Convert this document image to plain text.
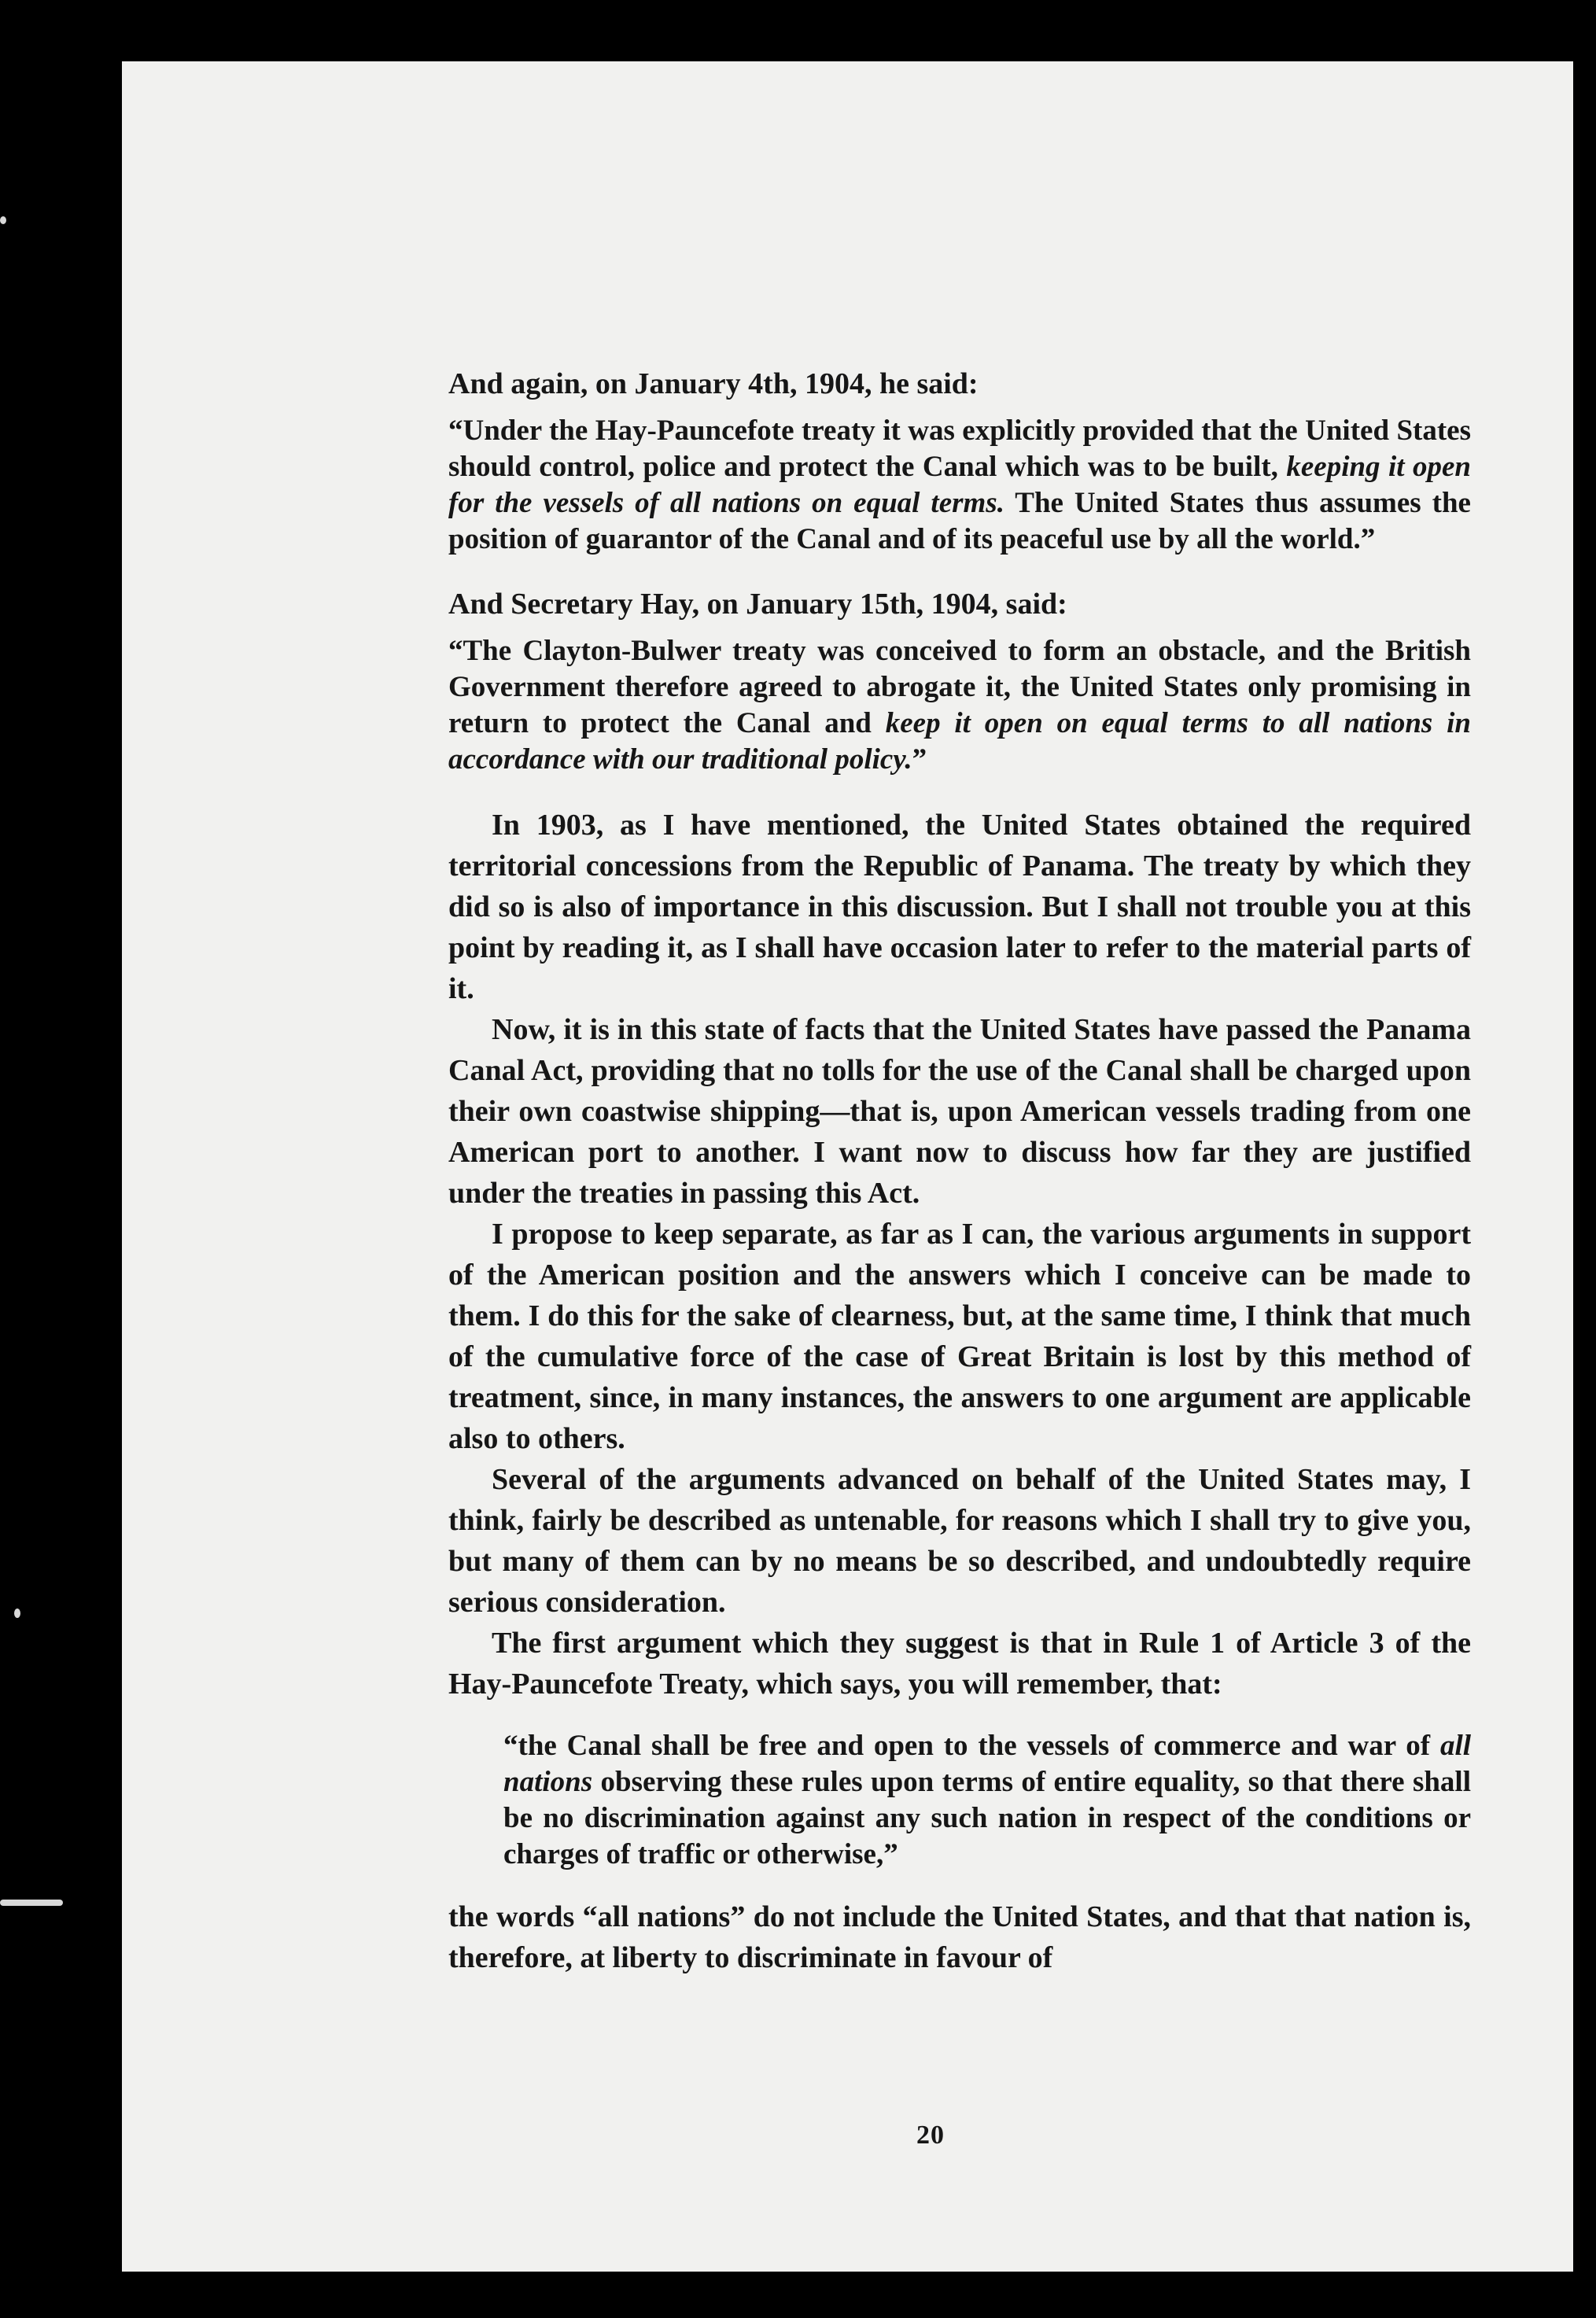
And again, on January 4th, 1904, he said:

“Under the Hay-Pauncefote treaty it was explicitly provided that the United States should control, police and protect the Canal which was to be built, keeping it open for the vessels of all nations on equal terms. The United States thus assumes the position of guarantor of the Canal and of its peaceful use by all the world.”

And Secretary Hay, on January 15th, 1904, said:

“The Clayton-Bulwer treaty was conceived to form an obstacle, and the British Government therefore agreed to abrogate it, the United States only promising in return to protect the Canal and keep it open on equal terms to all nations in accordance with our traditional policy.”

In 1903, as I have mentioned, the United States obtained the required territorial concessions from the Republic of Panama. The treaty by which they did so is also of importance in this discussion. But I shall not trouble you at this point by reading it, as I shall have occasion later to refer to the material parts of it.

Now, it is in this state of facts that the United States have passed the Panama Canal Act, providing that no tolls for the use of the Canal shall be charged upon their own coastwise shipping—that is, upon American vessels trading from one American port to another. I want now to discuss how far they are justified under the treaties in passing this Act.

I propose to keep separate, as far as I can, the various arguments in support of the American position and the answers which I conceive can be made to them. I do this for the sake of clearness, but, at the same time, I think that much of the cumulative force of the case of Great Britain is lost by this method of treatment, since, in many instances, the answers to one argument are applicable also to others.

Several of the arguments advanced on behalf of the United States may, I think, fairly be described as untenable, for reasons which I shall try to give you, but many of them can by no means be so described, and undoubtedly require serious consideration.

The first argument which they suggest is that in Rule 1 of Article 3 of the Hay-Pauncefote Treaty, which says, you will remember, that:

“the Canal shall be free and open to the vessels of commerce and war of all nations observing these rules upon terms of entire equality, so that there shall be no discrimination against any such nation in respect of the conditions or charges of traffic or otherwise,”

the words “all nations” do not include the United States, and that that nation is, therefore, at liberty to discriminate in favour of

20
